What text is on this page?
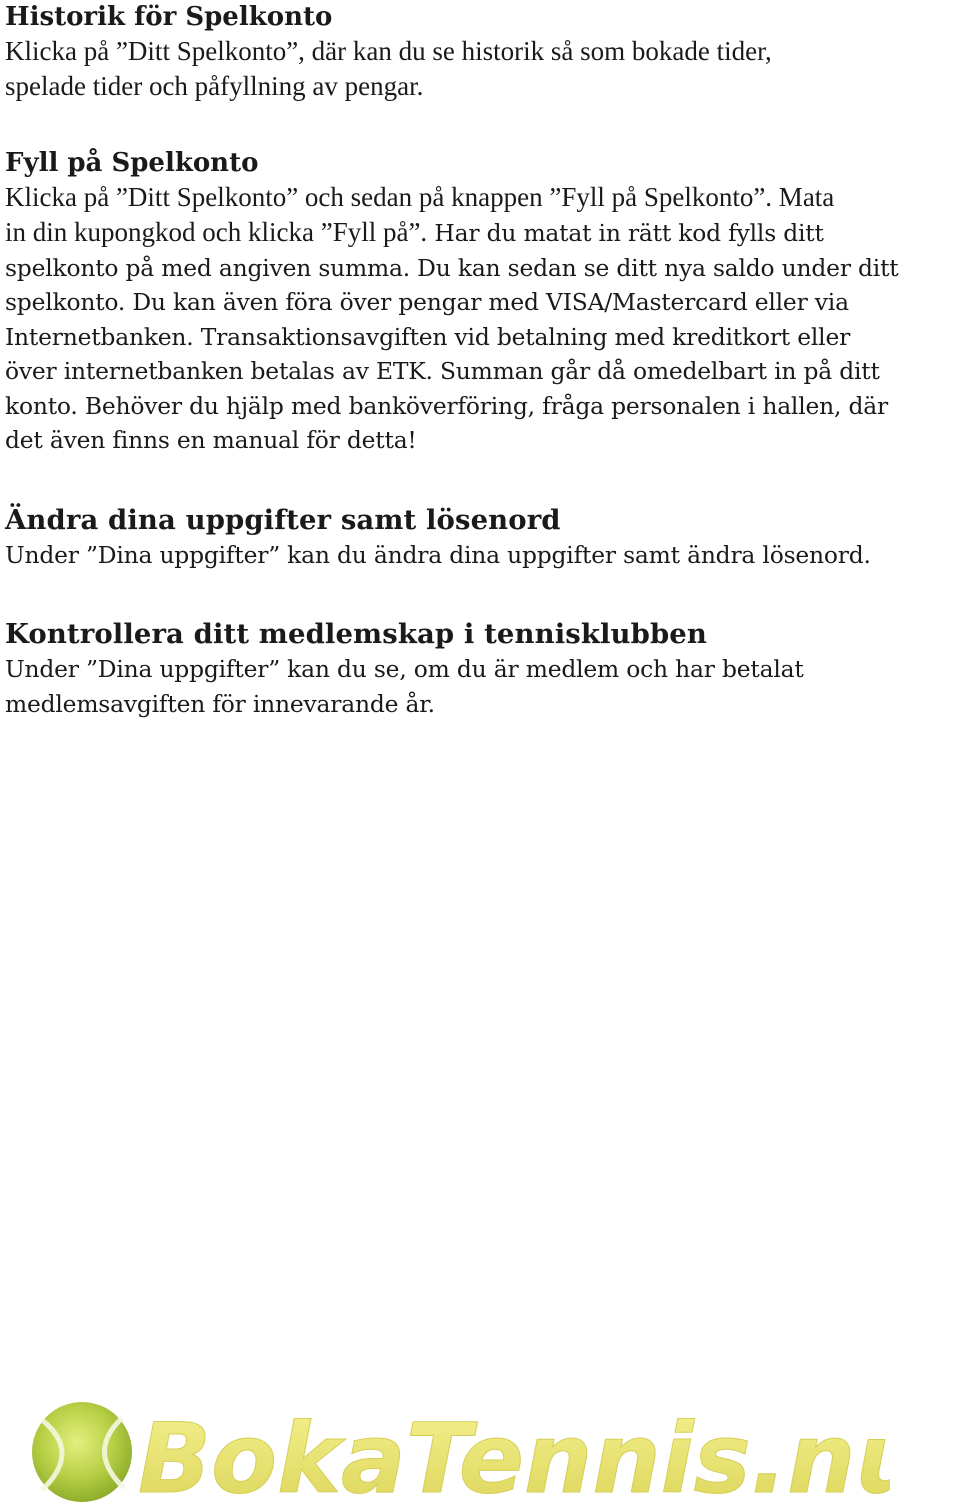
Historik för Spelkonto

Klicka på ”Ditt Spelkonto”, där kan du se historik så som bokade tider,

spelade tider och påfyllning av pengar.

Fyll på Spelkonto

Klicka på ”Ditt Spelkonto” och sedan på knappen ”Fyll på Spelkonto”. Mata

in din kupongkod och klicka ”Fyll på”. Har du matat in rätt kod fylls ditt

spelkonto på med angiven summa. Du kan sedan se ditt nya saldo under ditt

spelkonto. Du kan även föra över pengar med VISA/Mastercard eller via

Internetbanken. Transaktionsavgiften vid betalning med kreditkort eller

över internetbanken betalas av ETK. Summan går då omedelbart in på ditt

konto. Behöver du hjälp med banköverföring, fråga personalen i hallen, där

det även finns en manual för detta!

Ändra dina uppgifter samt lösenord

Under ”Dina uppgifter” kan du ändra dina uppgifter samt ändra lösenord.

Kontrollera ditt medlemskap i tennisklubben

Under ”Dina uppgifter” kan du se, om du är medlem och har betalat

medlemsavgiften för innevarande år.

BokaTennis.nu
